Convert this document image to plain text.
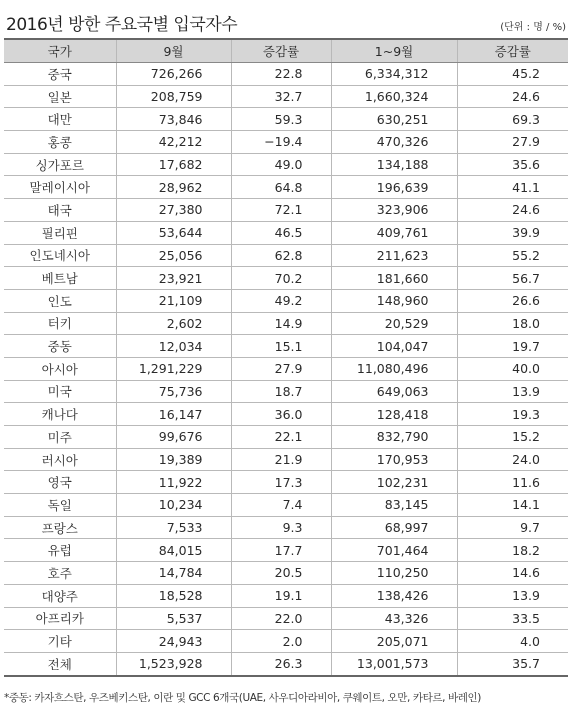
2016년 방한 주요국별 입국자수	(단위 : 명 / %)
국가	9월	증감률	1~9월	증감률
중국	726,266	22.8	6,334,312	45.2
일본	208,759	32.7	1,660,324	24.6
대만	73,846	59.3	630,251	69.3
홍콩	42,212	−19.4	470,326	27.9
싱가포르	17,682	49.0	134,188	35.6
말레이시아	28,962	64.8	196,639	41.1
태국	27,380	72.1	323,906	24.6
필리핀	53,644	46.5	409,761	39.9
인도네시아	25,056	62.8	211,623	55.2
베트남	23,921	70.2	181,660	56.7
인도	21,109	49.2	148,960	26.6
터키	2,602	14.9	20,529	18.0
중동	12,034	15.1	104,047	19.7
아시아	1,291,229	27.9	11,080,496	40.0
미국	75,736	18.7	649,063	13.9
캐나다	16,147	36.0	128,418	19.3
미주	99,676	22.1	832,790	15.2
러시아	19,389	21.9	170,953	24.0
영국	11,922	17.3	102,231	11.6
독일	10,234	7.4	83,145	14.1
프랑스	7,533	9.3	68,997	9.7
유럽	84,015	17.7	701,464	18.2
호주	14,784	20.5	110,250	14.6
대양주	18,528	19.1	138,426	13.9
아프리카	5,537	22.0	43,326	33.5
기타	24,943	2.0	205,071	4.0
전체	1,523,928	26.3	13,001,573	35.7
*중동: 카자흐스탄, 우즈베키스탄, 이란 및 GCC 6개국(UAE, 사우디아라비아, 쿠웨이트, 오만, 카타르, 바레인)
